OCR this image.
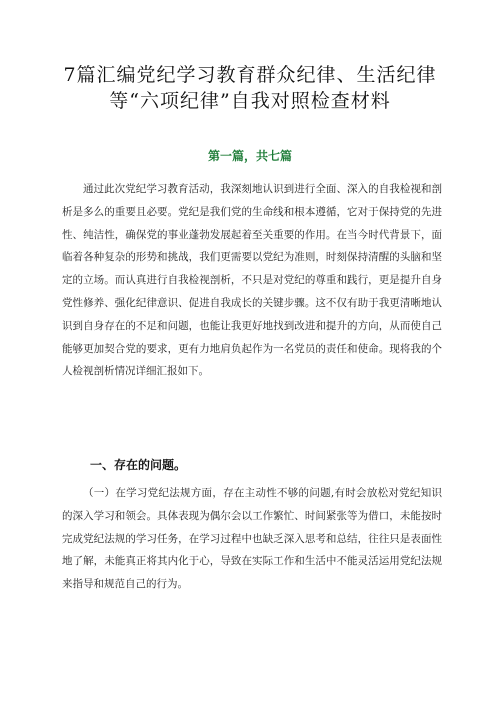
7篇汇编党纪学习教育群众纪律、生活纪律
等“六项纪律”自我对照检查材料
第一篇，共七篇

通过此次党纪学习教育活动，我深刻地认识到进行全面、深入的自我检视和剖析是多么的重要且必要。党纪是我们党的生命线和根本遵循，它对于保持党的先进性、纯洁性，确保党的事业蓬勃发展起着至关重要的作用。在当今时代背景下，面临着各种复杂的形势和挑战，我们更需要以党纪为准则，时刻保持清醒的头脑和坚定的立场。而认真进行自我检视剖析，不只是对党纪的尊重和践行，更是提升自身党性修养、强化纪律意识、促进自我成长的关键步骤。这不仅有助于我更清晰地认识到自身存在的不足和问题，也能让我更好地找到改进和提升的方向，从而使自己能够更加契合党的要求，更有力地肩负起作为一名党员的责任和使命。现将我的个人检视剖析情况详细汇报如下。

一、存在的问题。

（一）在学习党纪法规方面，存在主动性不够的问题,有时会放松对党纪知识的深入学习和领会。具体表现为偶尔会以工作繁忙、时间紧张等为借口，未能按时完成党纪法规的学习任务，在学习过程中也缺乏深入思考和总结，往往只是表面性地了解，未能真正将其内化于心，导致在实际工作和生活中不能灵活运用党纪法规来指导和规范自己的行为。
